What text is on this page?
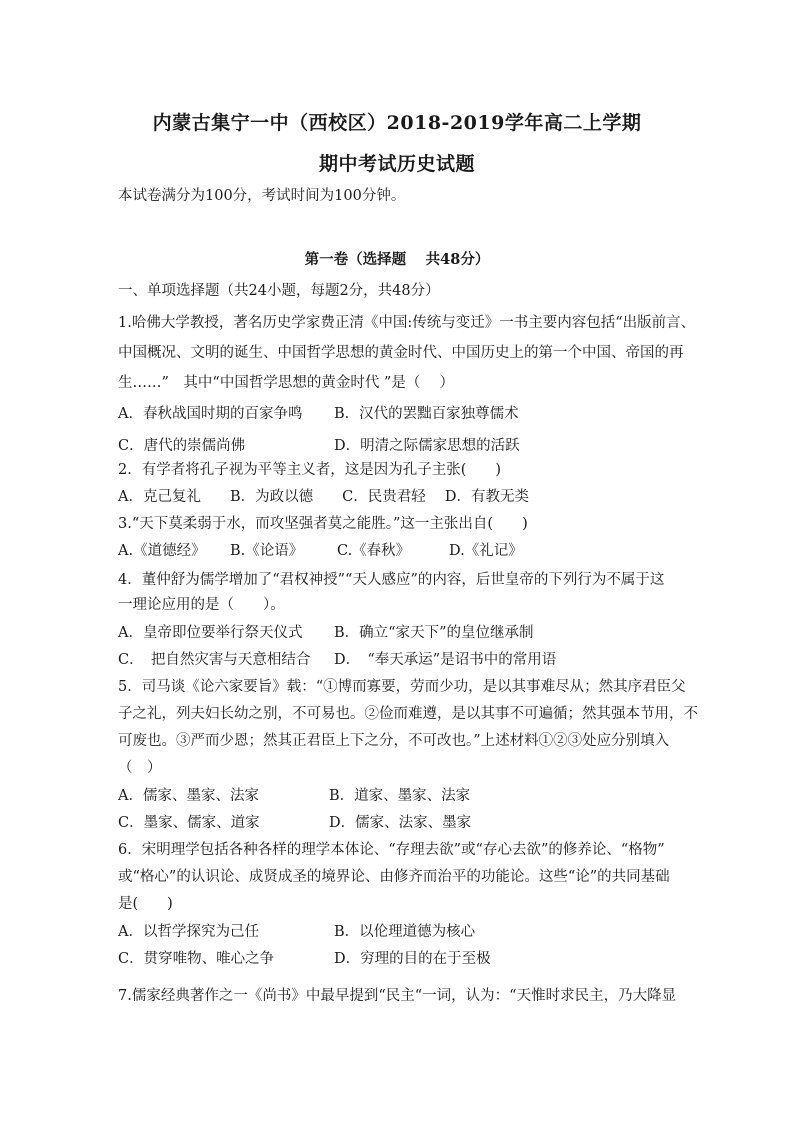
内蒙古集宁一中（西校区）2018-2019学年高二上学期
期中考试历史试题
本试卷满分为100分，考试时间为100分钟。
第一卷（选择题　 共48分）
一、单项选择题（共24小题，每题2分，共48分）
1.哈佛大学教授，著名历史学家费正清《中国:传统与变迁》一书主要内容包括“出版前言、
中国概况、文明的诞生、中国哲学思想的黄金时代、中国历史上的第一个中国、帝国的再
生……”　其中“中国哲学思想的黄金时代 ”是（　 ）
A．春秋战国时期的百家争鸣 B．汉代的罢黜百家独尊儒术
C．唐代的崇儒尚佛	D．明清之际儒家思想的活跃
2．有学者将孔子视为平等主义者，这是因为孔子主张(　　)
A．克己复礼　　B．为政以德　　C．民贵君轻　 D．有教无类
3.“天下莫柔弱于水，而攻坚强者莫之能胜。”这一主张出自(　　)
A.《道德经》 B.《论语》 C.《春秋》	D.《礼记》
4．董仲舒为儒学增加了“君权神授”“天人感应”的内容，后世皇帝的下列行为不属于这
一理论应用的是（　　）。
A．皇帝即位要举行祭天仪式 B．确立“家天下”的皇位继承制
C．　把自然灾害与天意相结合 D．　“奉天承运”是诏书中的常用语
5．司马谈《论六家要旨》载：“①博而寡要，劳而少功，是以其事难尽从；然其序君臣父
子之礼，列夫妇长幼之别，不可易也。②俭而难遵，是以其事不可遍循；然其强本节用，不
可废也。③严而少恩；然其正君臣上下之分，不可改也。”上述材料①②③处应分别填入
（　）
A．儒家、墨家、法家	B．道家、墨家、法家
C．墨家、儒家、道家	D．儒家、法家、墨家
6．宋明理学包括各种各样的理学本体论、“存理去欲”或“存心去欲”的修养论、“格物”
或“格心”的认识论、成贤成圣的境界论、由修齐而治平的功能论。这些“论”的共同基础
是(　　)
A．以哲学探究为己任	B．以伦理道德为核心
C．贯穿唯物、唯心之争	D．穷理的目的在于至极
7.儒家经典著作之一《尚书》中最早提到“民主“一词，认为：“天惟时求民主，乃大降显
